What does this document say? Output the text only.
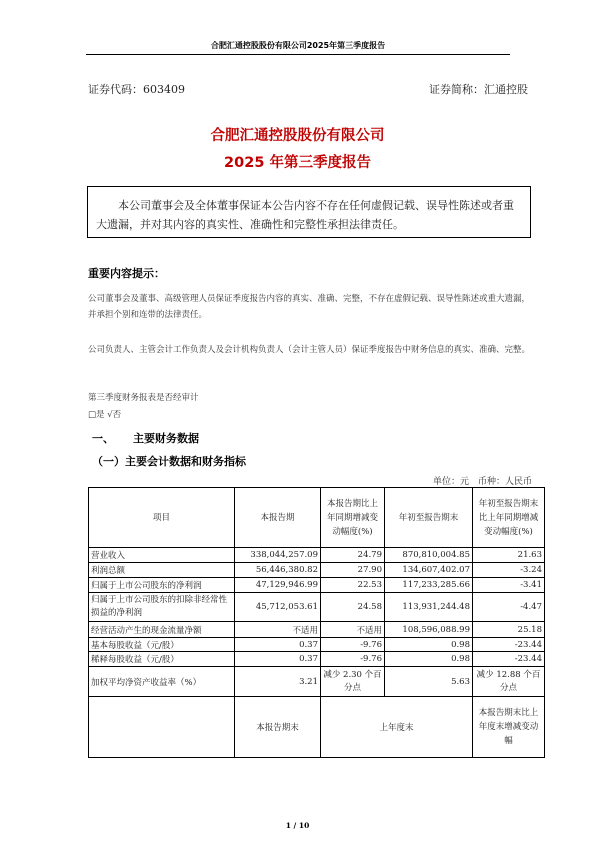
合肥汇通控股股份有限公司2025年第三季度报告
证券代码：603409	证券简称：汇通控股
合肥汇通控股股份有限公司
2025 年第三季度报告
本公司董事会及全体董事保证本公告内容不存在任何虚假记载、误导性陈述或者重大遗漏，并对其内容的真实性、准确性和完整性承担法律责任。
重要内容提示：
公司董事会及董事、高级管理人员保证季度报告内容的真实、准确、完整，不存在虚假记载、误导性陈述或重大遗漏，并承担个别和连带的法律责任。
公司负责人、主管会计工作负责人及会计机构负责人（会计主管人员）保证季度报告中财务信息的真实、准确、完整。
第三季度财务报表是否经审计
□是 √否
一、 主要财务数据
（一） 主要会计数据和财务指标
单位：元　币种：人民币
项目	本报告期	本报告期比上年同期增减变动幅度(%)	年初至报告期末	年初至报告期末比上年同期增减变动幅度(%)
营业收入	338,044,257.09	24.79	870,810,004.85	21.63
利润总额	56,446,380.82	27.90	134,607,402.07	-3.24
归属于上市公司股东的净利润	47,129,946.99	22.53	117,233,285.66	-3.41
归属于上市公司股东的扣除非经常性损益的净利润	45,712,053.61	24.58	113,931,244.48	-4.47
经营活动产生的现金流量净额	不适用	不适用	108,596,088.99	25.18
基本每股收益（元/股）	0.37	-9.76	0.98	-23.44
稀释每股收益（元/股）	0.37	-9.76	0.98	-23.44
加权平均净资产收益率（%）	3.21	减少 2.30 个百分点	5.63	减少 12.88 个百分点
	本报告期末	上年度末		本报告期末比上年度末增减变动幅
1 / 10
